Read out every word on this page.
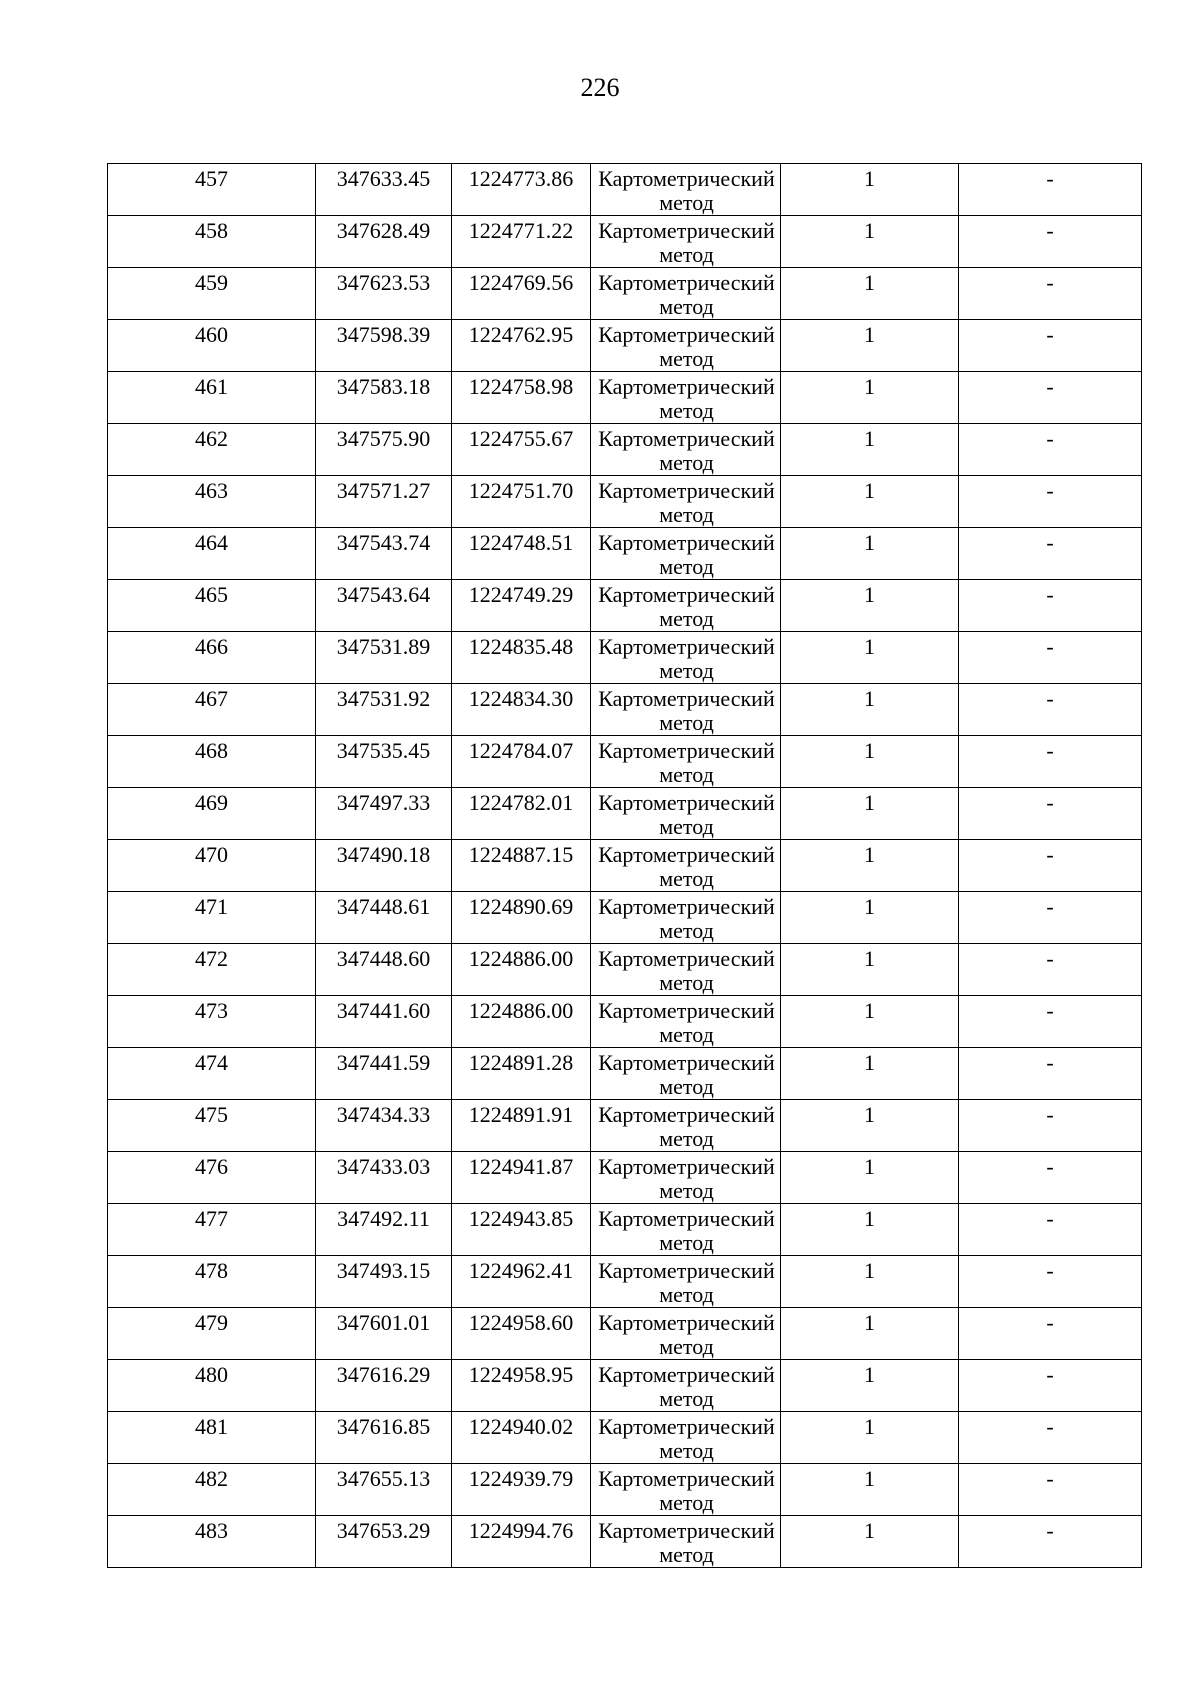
226
457	347633.45	1224773.86	Картометрический метод	1	-
458	347628.49	1224771.22	Картометрический метод	1	-
459	347623.53	1224769.56	Картометрический метод	1	-
460	347598.39	1224762.95	Картометрический метод	1	-
461	347583.18	1224758.98	Картометрический метод	1	-
462	347575.90	1224755.67	Картометрический метод	1	-
463	347571.27	1224751.70	Картометрический метод	1	-
464	347543.74	1224748.51	Картометрический метод	1	-
465	347543.64	1224749.29	Картометрический метод	1	-
466	347531.89	1224835.48	Картометрический метод	1	-
467	347531.92	1224834.30	Картометрический метод	1	-
468	347535.45	1224784.07	Картометрический метод	1	-
469	347497.33	1224782.01	Картометрический метод	1	-
470	347490.18	1224887.15	Картометрический метод	1	-
471	347448.61	1224890.69	Картометрический метод	1	-
472	347448.60	1224886.00	Картометрический метод	1	-
473	347441.60	1224886.00	Картометрический метод	1	-
474	347441.59	1224891.28	Картометрический метод	1	-
475	347434.33	1224891.91	Картометрический метод	1	-
476	347433.03	1224941.87	Картометрический метод	1	-
477	347492.11	1224943.85	Картометрический метод	1	-
478	347493.15	1224962.41	Картометрический метод	1	-
479	347601.01	1224958.60	Картометрический метод	1	-
480	347616.29	1224958.95	Картометрический метод	1	-
481	347616.85	1224940.02	Картометрический метод	1	-
482	347655.13	1224939.79	Картометрический метод	1	-
483	347653.29	1224994.76	Картометрический метод	1	-
